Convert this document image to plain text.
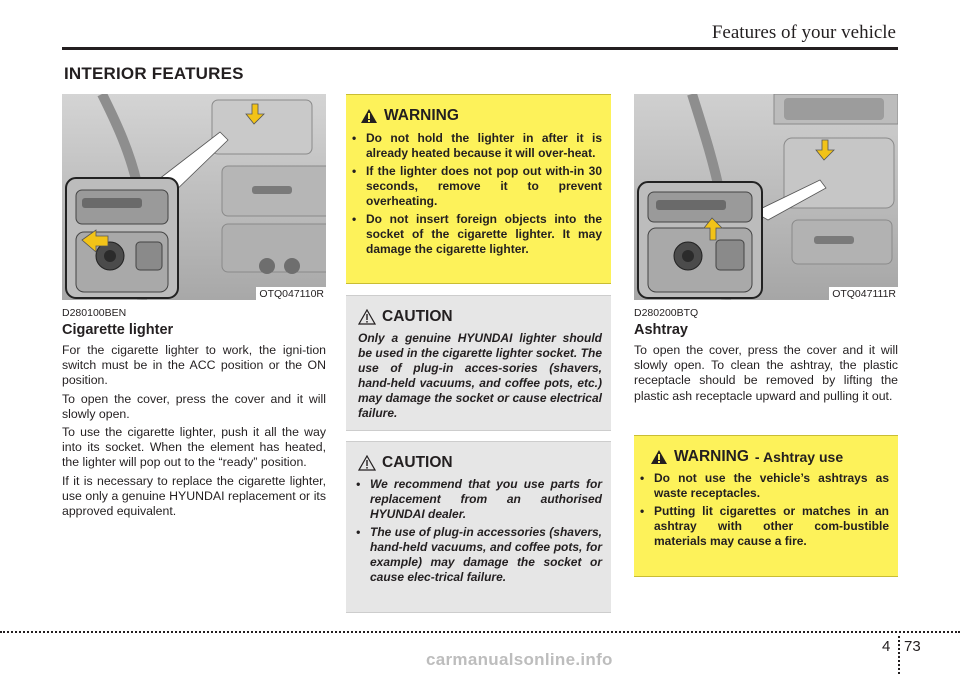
Features of your vehicle
INTERIOR FEATURES
OTQ047110R
D280100BEN
Cigarette lighter

For the cigarette lighter to work, the igni-tion switch must be in the ACC position or the ON position.

To open the cover, press the cover and it will slowly open.

To use the cigarette lighter, push it all the way into its socket. When the element has heated, the lighter will pop out to the “ready” position.

If it is necessary to replace the cigarette lighter, use only a genuine HYUNDAI replacement or its approved equivalent.

WARNING
• Do not hold the lighter in after it is already heated because it will over-heat.
• If the lighter does not pop out with-in 30 seconds, remove it to prevent overheating.
• Do not insert foreign objects into the socket of the cigarette lighter. It may damage the cigarette lighter.
CAUTION

Only a genuine HYUNDAI lighter should be used in the cigarette lighter socket. The use of plug-in acces-sories (shavers, hand-held vacuums, and coffee pots, etc.) may damage the socket or cause electrical failure.

CAUTION
• We recommend that you use parts for replacement from an authorised HYUNDAI dealer.
• The use of plug-in accessories (shavers, hand-held vacuums, and coffee pots, for example) may damage the socket or cause elec-trical failure.
OTQ047111R
D280200BTQ
Ashtray

To open the cover, press the cover and it will slowly open. To clean the ashtray, the plastic receptacle should be removed by lifting the plastic ash receptacle upward and pulling it out.

WARNING - Ashtray use
• Do not use the vehicle’s ashtrays as waste receptacles.
• Putting lit cigarettes or matches in an ashtray with other com-bustible materials may cause a fire.
4 73
carmanualsonline.info
